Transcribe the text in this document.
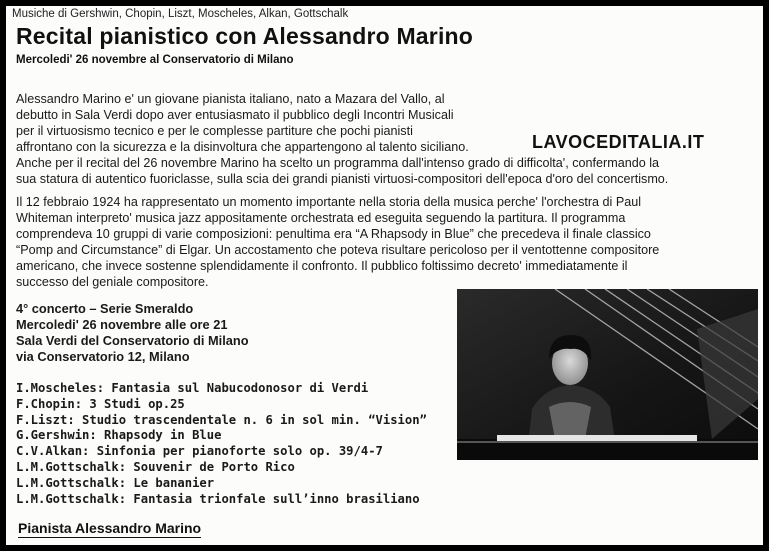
Musiche di Gershwin, Chopin, Liszt, Moscheles, Alkan, Gottschalk
Recital pianistico con Alessandro Marino
Mercoledi' 26 novembre al Conservatorio di Milano
Alessandro Marino e' un giovane pianista italiano, nato a Mazara del Vallo, al
debutto in Sala Verdi dopo aver entusiasmato il pubblico degli Incontri Musicali
per il virtuosismo tecnico e per le complesse partiture che pochi pianisti
affrontano con la sicurezza e la disinvoltura che appartengono al talento siciliano.
Anche per il recital del 26 novembre Marino ha scelto un programma dall'intenso grado di difficolta', confermando la
sua statura di autentico fuoriclasse, sulla scia dei grandi pianisti virtuosi-compositori dell'epoca d'oro del concertismo.
LAVOCEDITALIA.IT
Il 12 febbraio 1924 ha rappresentato un momento importante nella storia della musica perche' l'orchestra di Paul
Whiteman interpreto' musica jazz appositamente orchestrata ed eseguita seguendo la partitura. Il programma
comprendeva 10 gruppi di varie composizioni: penultima era “A Rhapsody in Blue” che precedeva il finale classico
“Pomp and Circumstance” di Elgar. Un accostamento che poteva risultare pericoloso per il ventottenne compositore
americano, che invece sostenne splendidamente il confronto. Il pubblico foltissimo decreto' immediatamente il
successo del geniale compositore.
4° concerto – Serie Smeraldo
Mercoledi' 26 novembre alle ore 21
Sala Verdi del Conservatorio di Milano
via Conservatorio 12, Milano
I.Moscheles: Fantasia sul Nabucodonosor di Verdi
F.Chopin: 3 Studi op.25
F.Liszt: Studio trascendentale n. 6 in sol min. “Vision”
G.Gershwin: Rhapsody in Blue
C.V.Alkan: Sinfonia per pianoforte solo op. 39/4-7
L.M.Gottschalk: Souvenir de Porto Rico
L.M.Gottschalk: Le bananier
L.M.Gottschalk: Fantasia trionfale sull’inno brasiliano
Pianista Alessandro Marino
